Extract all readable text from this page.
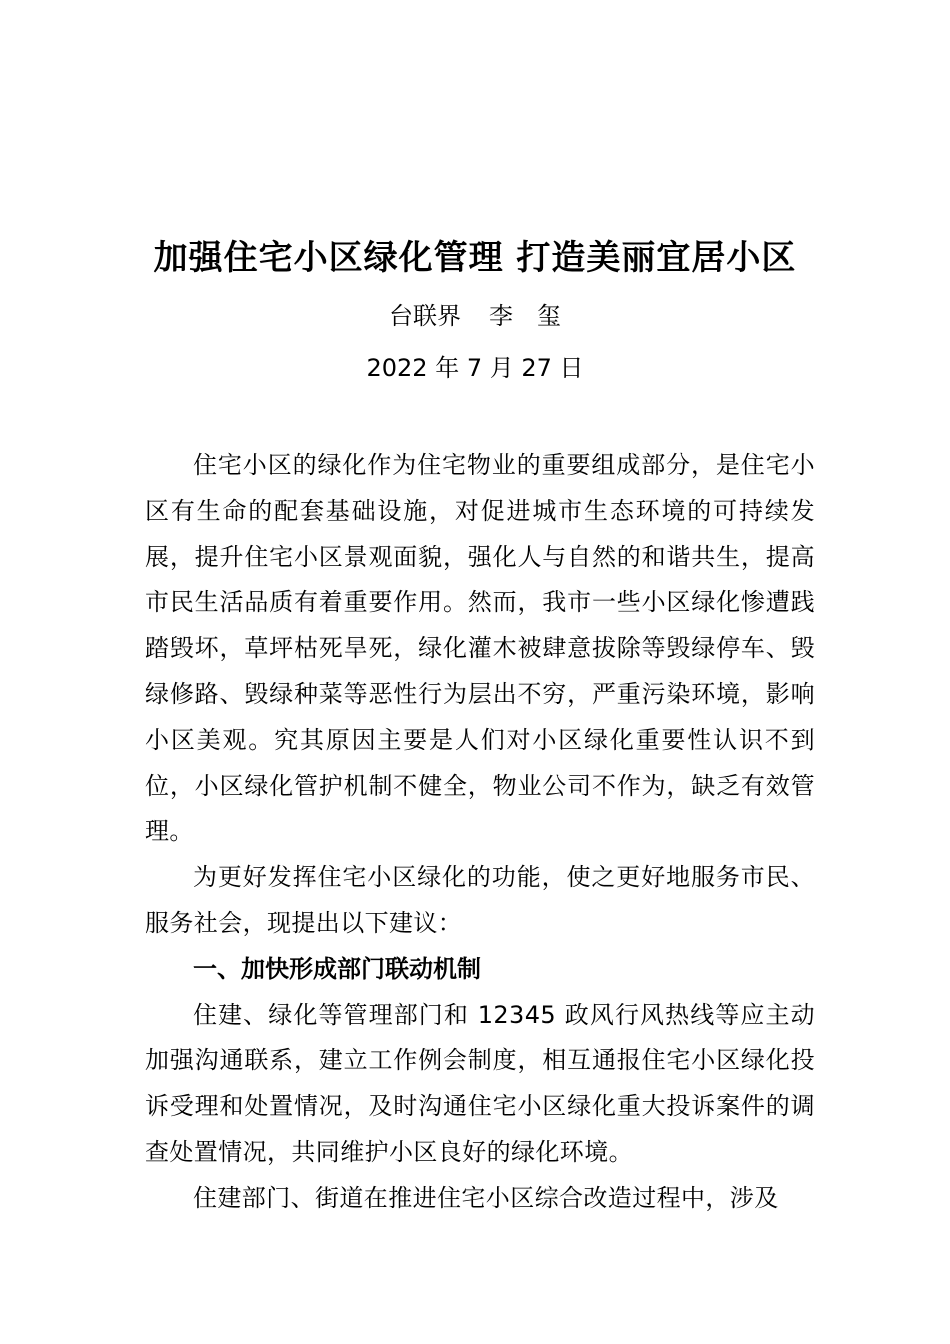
加强住宅小区绿化管理 打造美丽宜居小区
台联界 李　玺
2022 年 7 月 27 日

住宅小区的绿化作为住宅物业的重要组成部分，是住宅小区有生命的配套基础设施，对促进城市生态环境的可持续发展，提升住宅小区景观面貌，强化人与自然的和谐共生，提高市民生活品质有着重要作用。然而，我市一些小区绿化惨遭践踏毁坏，草坪枯死旱死，绿化灌木被肆意拔除等毁绿停车、毁绿修路、毁绿种菜等恶性行为层出不穷，严重污染环境，影响小区美观。究其原因主要是人们对小区绿化重要性认识不到位，小区绿化管护机制不健全，物业公司不作为，缺乏有效管理。

为更好发挥住宅小区绿化的功能，使之更好地服务市民、服务社会，现提出以下建议：

一、加快形成部门联动机制

住建、绿化等管理部门和 12345 政风行风热线等应主动加强沟通联系，建立工作例会制度，相互通报住宅小区绿化投诉受理和处置情况，及时沟通住宅小区绿化重大投诉案件的调查处置情况，共同维护小区良好的绿化环境。

住建部门、街道在推进住宅小区综合改造过程中，涉及
